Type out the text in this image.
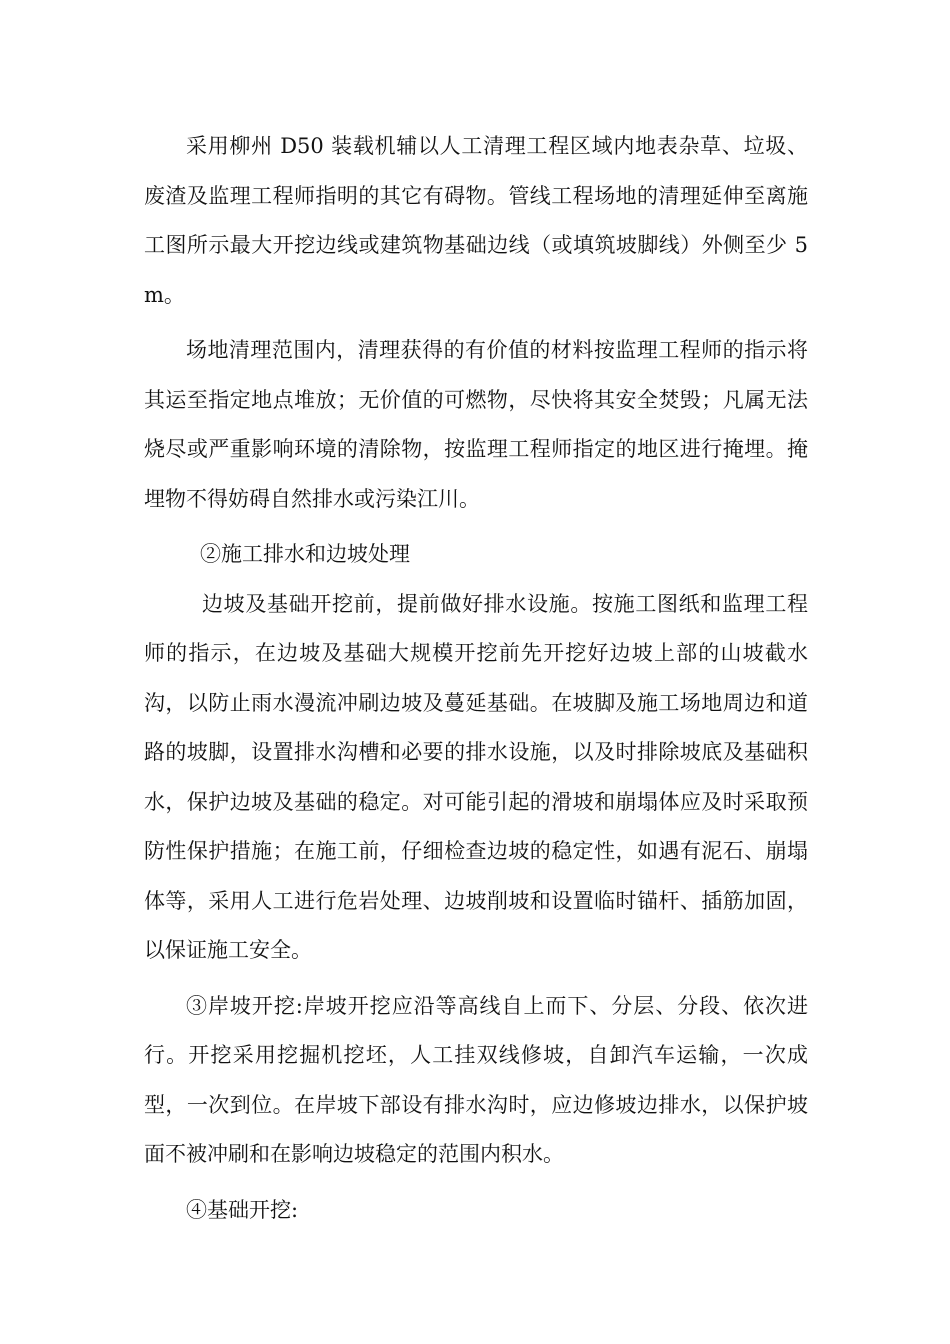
采用柳州 D50 装载机辅以人工清理工程区域内地表杂草、垃圾、废渣及监理工程师指明的其它有碍物。管线工程场地的清理延伸至离施工图所示最大开挖边线或建筑物基础边线（或填筑坡脚线）外侧至少 5m。

场地清理范围内，清理获得的有价值的材料按监理工程师的指示将其运至指定地点堆放；无价值的可燃物，尽快将其安全焚毁；凡属无法烧尽或严重影响环境的清除物，按监理工程师指定的地区进行掩埋。掩埋物不得妨碍自然排水或污染江川。

②施工排水和边坡处理

边坡及基础开挖前，提前做好排水设施。按施工图纸和监理工程师的指示，在边坡及基础大规模开挖前先开挖好边坡上部的山坡截水沟，以防止雨水漫流冲刷边坡及蔓延基础。在坡脚及施工场地周边和道路的坡脚，设置排水沟槽和必要的排水设施，以及时排除坡底及基础积水，保护边坡及基础的稳定。对可能引起的滑坡和崩塌体应及时采取预防性保护措施；在施工前，仔细检查边坡的稳定性，如遇有泥石、崩塌体等，采用人工进行危岩处理、边坡削坡和设置临时锚杆、插筋加固，以保证施工安全。

③岸坡开挖:岸坡开挖应沿等高线自上而下、分层、分段、依次进行。开挖采用挖掘机挖坯，人工挂双线修坡，自卸汽车运输，一次成型，一次到位。在岸坡下部设有排水沟时，应边修坡边排水，以保护坡面不被冲刷和在影响边坡稳定的范围内积水。

④基础开挖:
